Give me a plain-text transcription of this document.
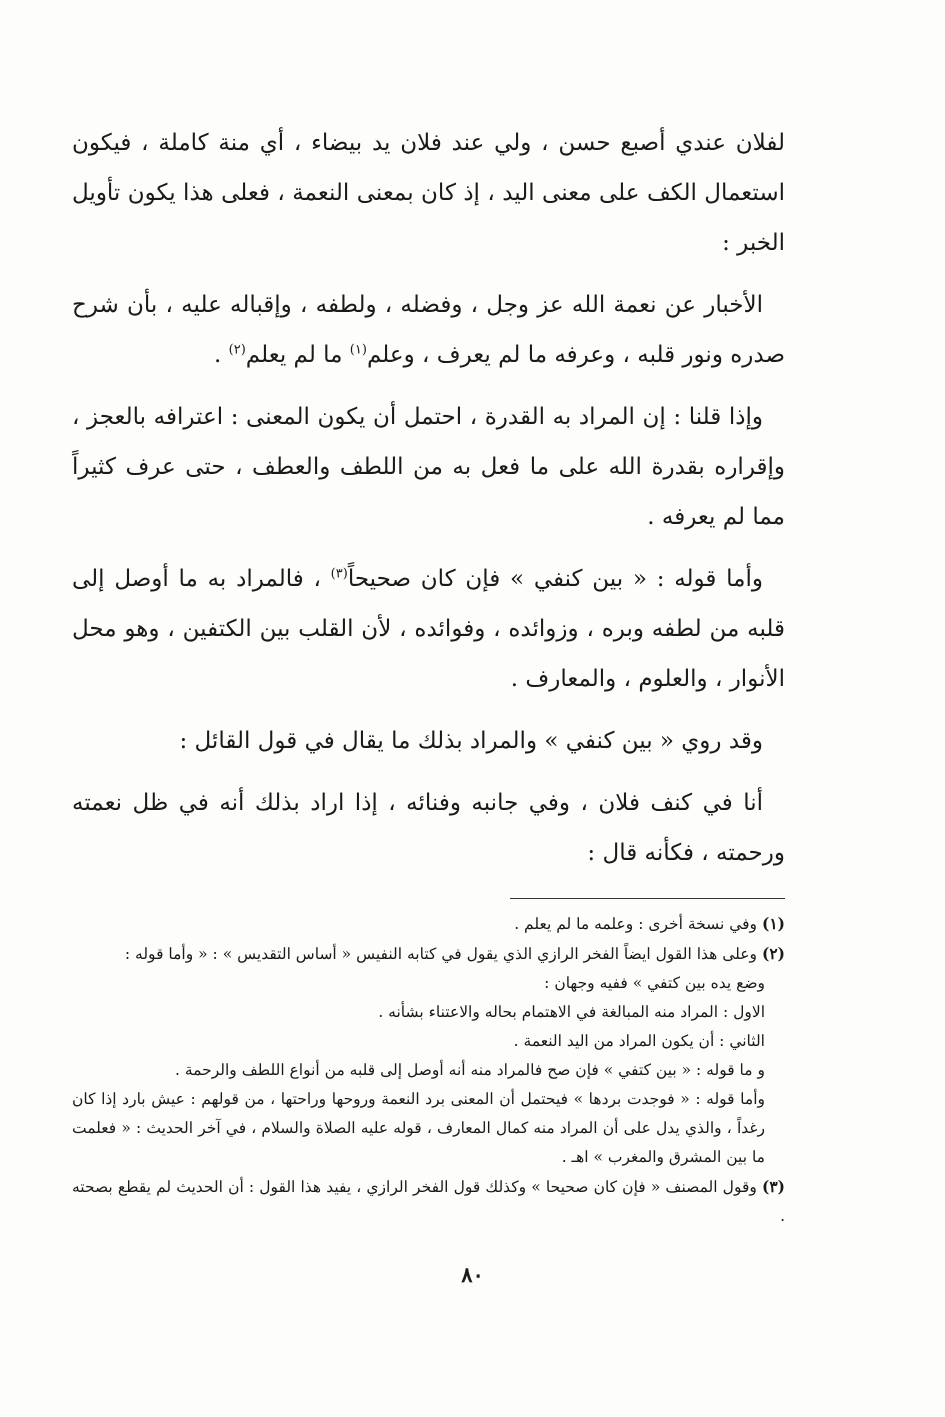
لفلان عندي أصبع حسن ، ولي عند فلان يد بيضاء ، أي منة كاملة ، فيكون استعمال الكف على معنى اليد ، إذ كان بمعنى النعمة ، فعلى هذا يكون تأويل الخبر :

الأخبار عن نعمة الله عز وجل ، وفضله ، ولطفه ، وإقباله عليه ، بأن شرح صدره ونور قلبه ، وعرفه ما لم يعرف ، وعلم$^{(١)}$ ما لم يعلم$^{(٢)}$ .

وإذا قلنا : إن المراد به القدرة ، احتمل أن يكون المعنى : اعترافه بالعجز ، وإقراره بقدرة الله على ما فعل به من اللطف والعطف ، حتى عرف كثيراً مما لم يعرفه .

وأما قوله : « بين كنفي » فإن كان صحيحاً$^{(٣)}$ ، فالمراد به ما أوصل إلى قلبه من لطفه وبره ، وزوائده ، وفوائده ، لأن القلب بين الكتفين ، وهو محل الأنوار ، والعلوم ، والمعارف .

وقد روي « بين كنفي » والمراد بذلك ما يقال في قول القائل :

أنا في كنف فلان ، وفي جانبه وفنائه ، إذا اراد بذلك أنه في ظل نعمته ورحمته ، فكأنه قال :

(١) وفي نسخة أخرى : وعلمه ما لم يعلم .

(٢) وعلى هذا القول ايضاً الفخر الرازي الذي يقول في كتابه النفيس « أساس التقديس » : « وأما قوله :

وضع يده بين كتفي » ففيه وجهان :

الاول : المراد منه المبالغة في الاهتمام بحاله والاعتناء بشأنه .

الثاني : أن يكون المراد من اليد النعمة .

و ما قوله : « بين كتفي » فإن صح فالمراد منه أنه أوصل إلى قلبه من أنواع اللطف والرحمة .

وأما قوله : « فوجدت بردها » فيحتمل أن المعنى برد النعمة وروحها وراحتها ، من قولهم : عيش بارد إذا كان رغداً ، والذي يدل على أن المراد منه كمال المعارف ، قوله عليه الصلاة والسلام ، في آخر الحديث : « فعلمت ما بين المشرق والمغرب » اهـ .

(٣) وقول المصنف « فإن كان صحيحا » وكذلك قول الفخر الرازي ، يفيد هذا القول : أن الحديث لم يقطع بصحته .

٨٠
